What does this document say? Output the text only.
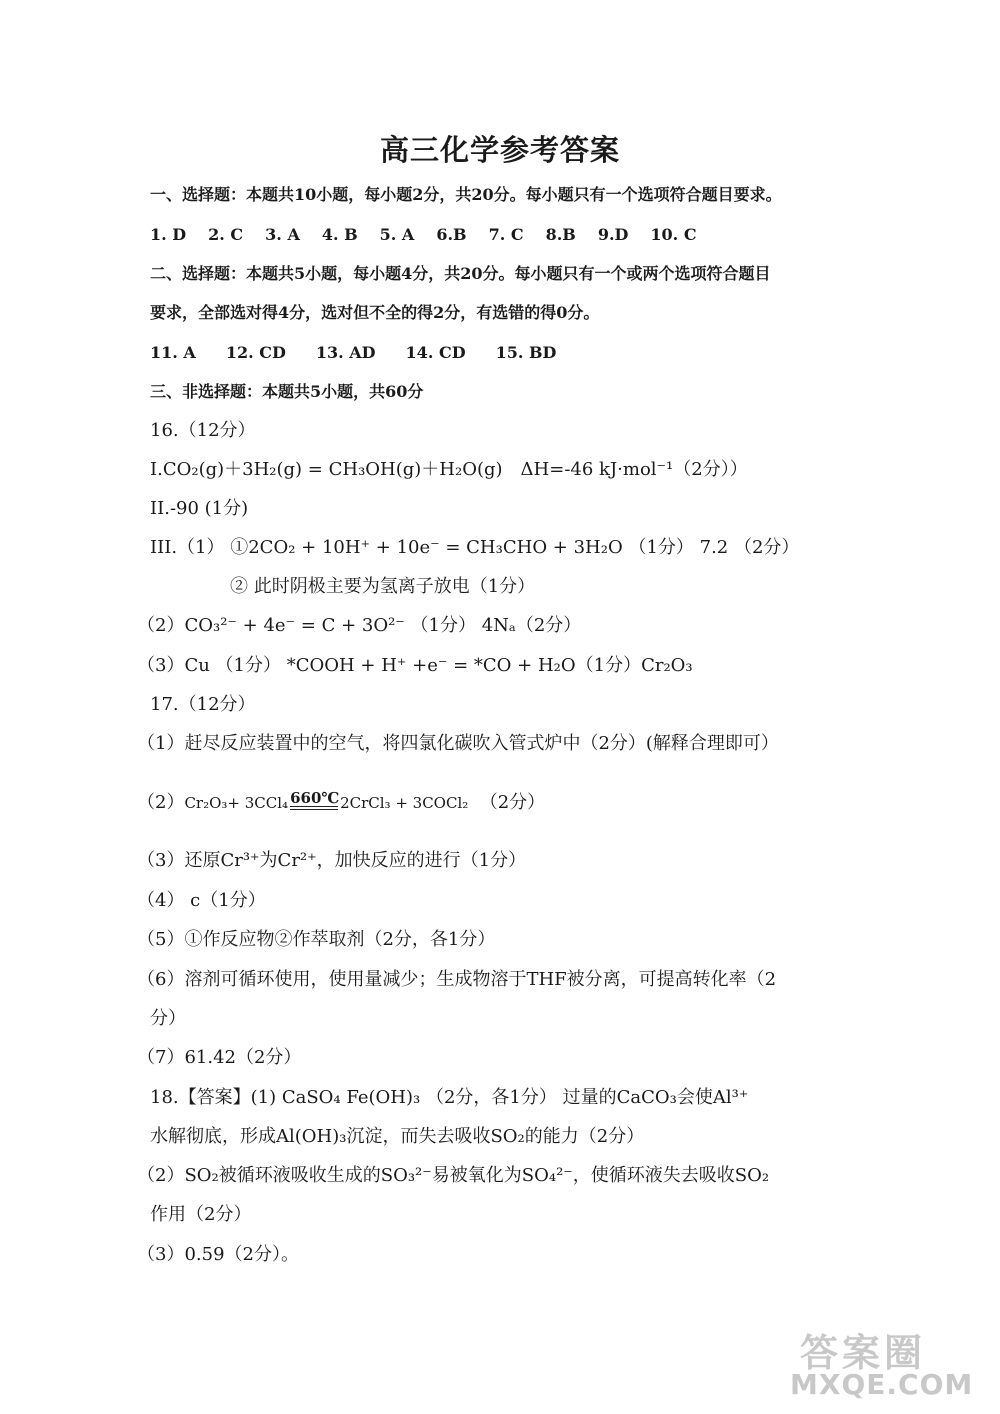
高三化学参考答案
一、选择题：本题共10小题，每小题2分，共20分。每小题只有一个选项符合题目要求。
1. D 2. C 3. A 4. B 5. A 6.B 7. C 8.B 9.D 10. C
二、选择题：本题共5小题，每小题4分，共20分。每小题只有一个或两个选项符合题目
要求，全部选对得4分，选对但不全的得2分，有选错的得0分。
11. A 12. CD 13. AD 14. CD 15. BD
三、非选择题：本题共5小题，共60分
16.（12分）
I.CO₂(g)＋3H₂(g) = CH₃OH(g)＋H₂O(g)　ΔH=-46 kJ·mol⁻¹（2分））
II.-90 (1分)
III.（1） ①2CO₂ + 10H⁺ + 10e⁻ = CH₃CHO + 3H₂O （1分） 7.2 （2分）
② 此时阴极主要为氢离子放电（1分）
（2）CO₃²⁻ + 4e⁻ = C + 3O²⁻ （1分） 4Nₐ（2分）
（3）Cu （1分） *COOH + H⁺ +e⁻ = *CO + H₂O（1分）Cr₂O₃
17.（12分）
（1）赶尽反应装置中的空气，将四氯化碳吹入管式炉中（2分）(解释合理即可）
（2）Cr₂O₃+ 3CCl₄ 660℃ 2CrCl₃ + 3COCl₂ （2分）
（3）还原Cr³⁺为Cr²⁺，加快反应的进行（1分）
（4） c（1分）
（5）①作反应物②作萃取剂（2分，各1分）
（6）溶剂可循环使用，使用量减少；生成物溶于THF被分离，可提高转化率（2
分）
（7）61.42（2分）
18.【答案】(1) CaSO₄ Fe(OH)₃ （2分，各1分） 过量的CaCO₃会使Al³⁺
水解彻底，形成Al(OH)₃沉淀，而失去吸收SO₂的能力（2分）
（2）SO₂被循环液吸收生成的SO₃²⁻易被氧化为SO₄²⁻，使循环液失去吸收SO₂
作用（2分）
（3）0.59（2分）。
答案圈
MXQE.COM
